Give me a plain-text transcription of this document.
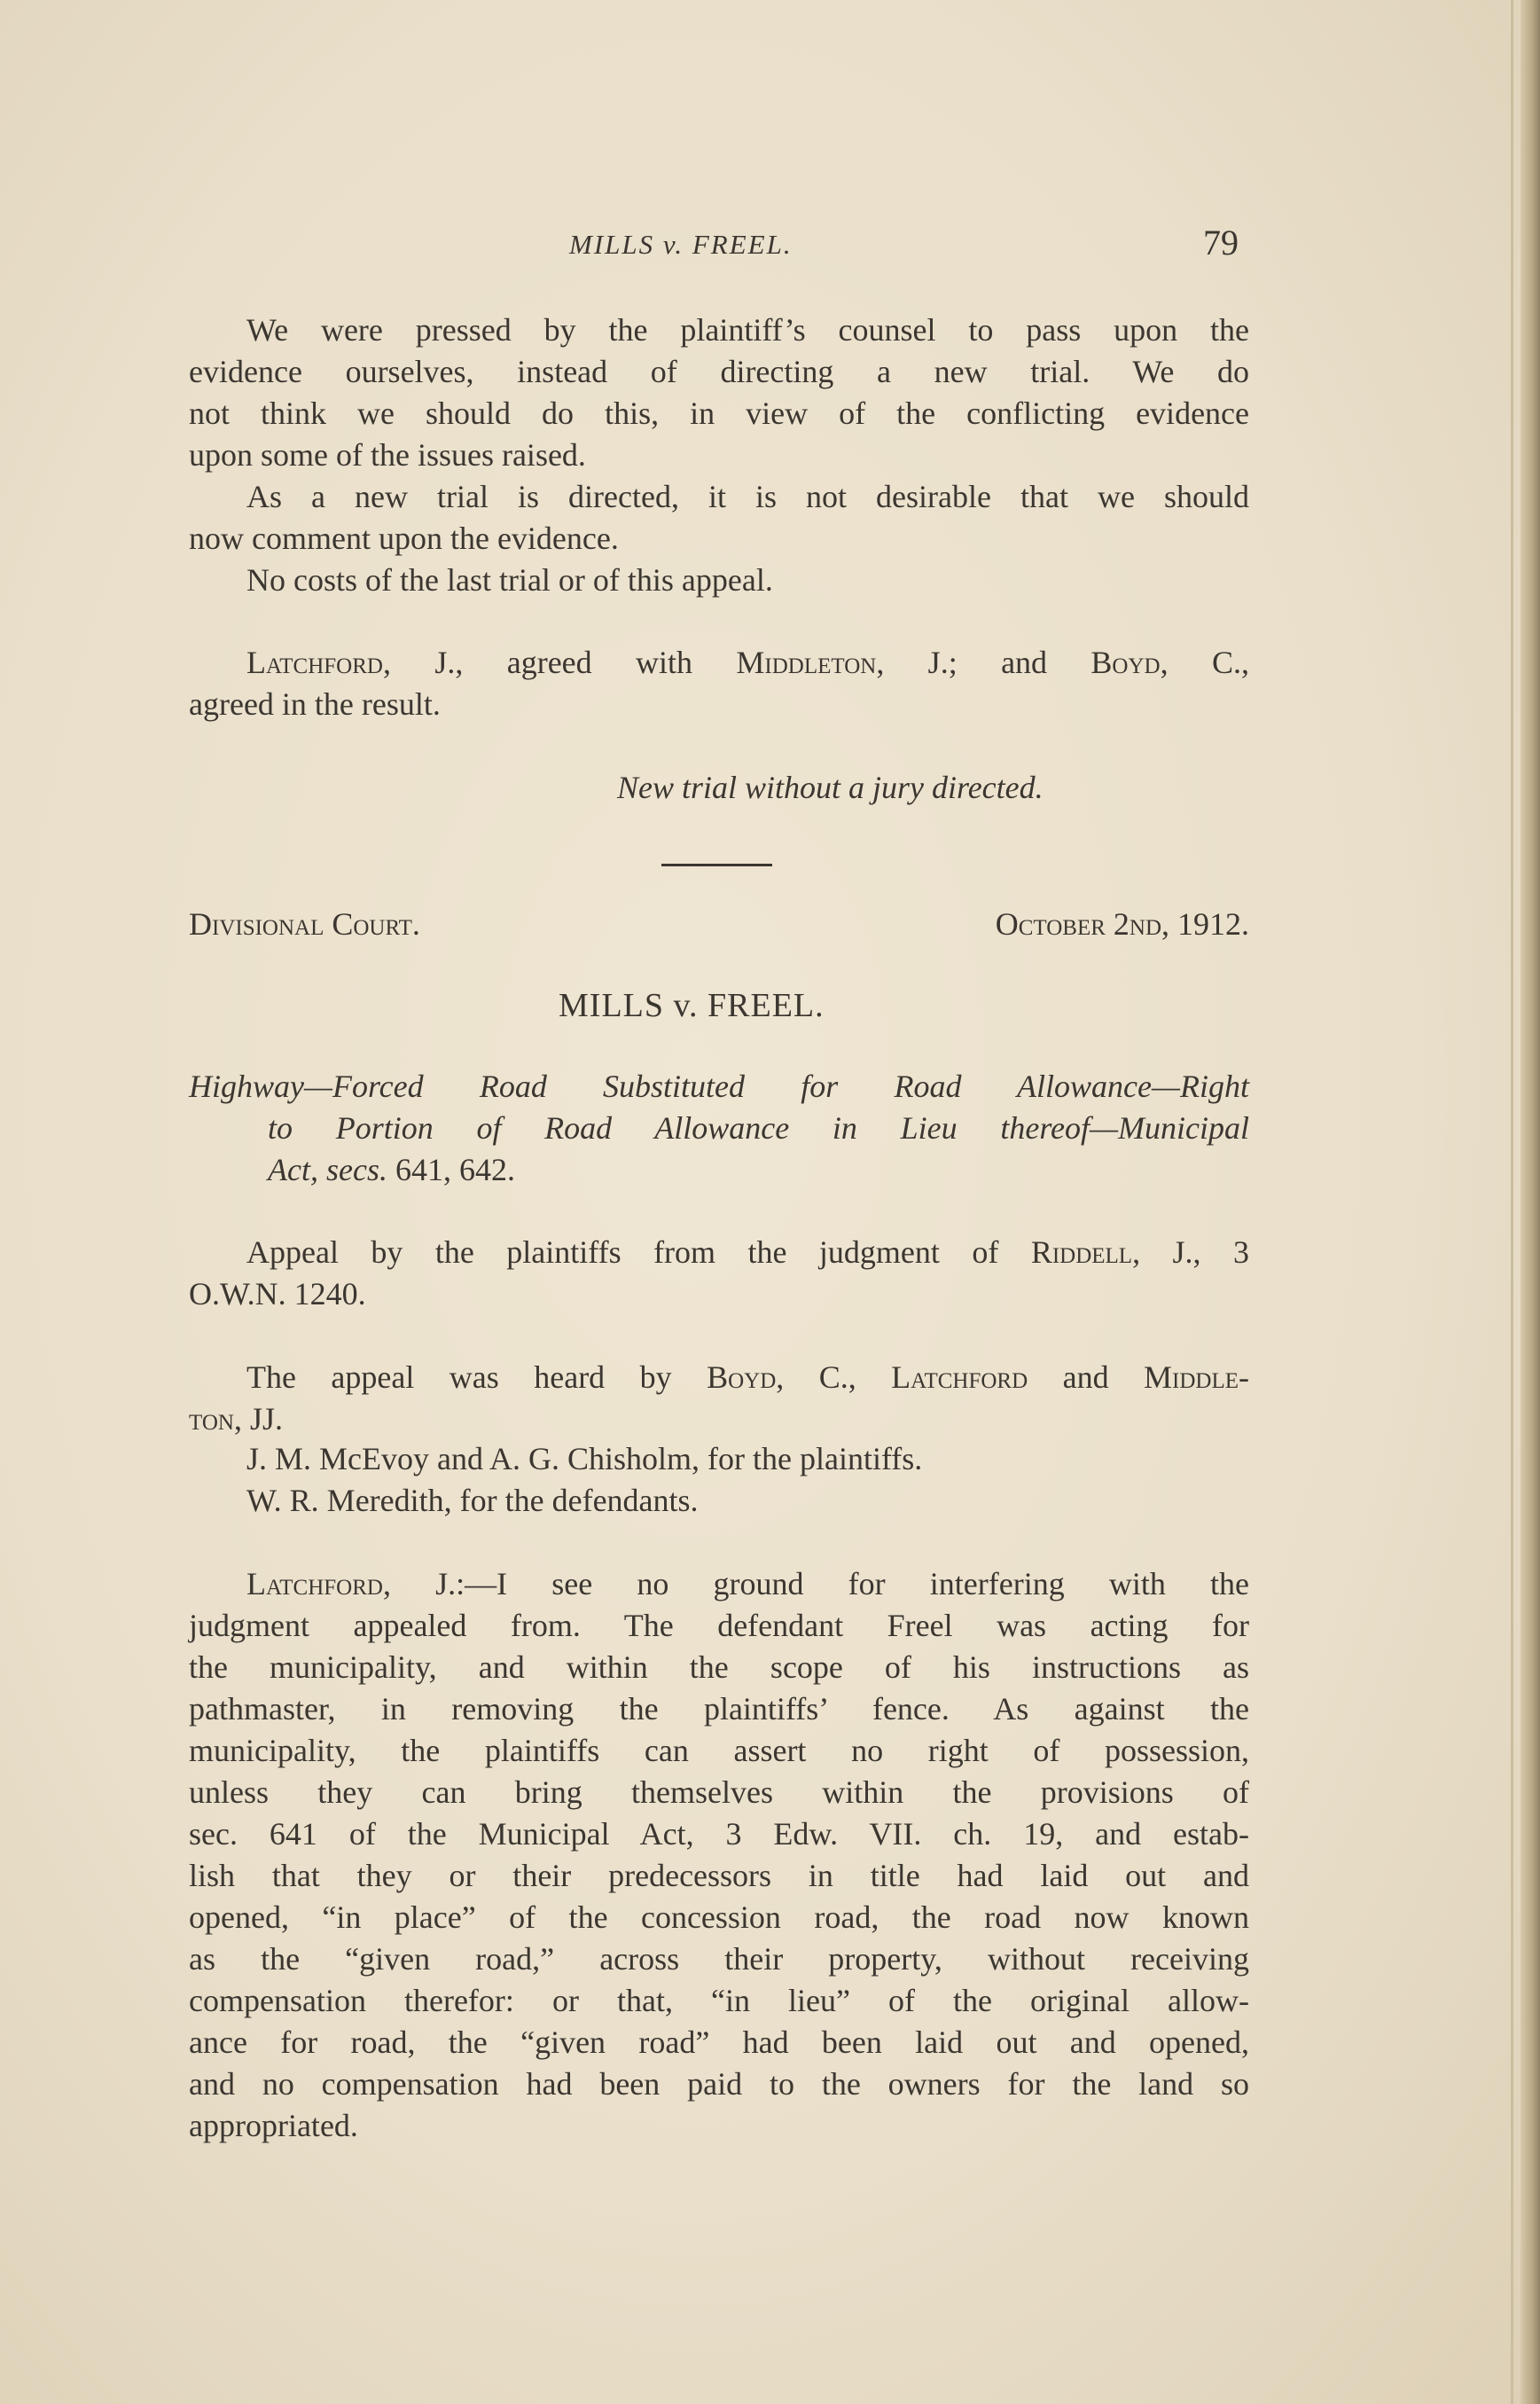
MILLS v. FREEL.	79
We were pressed by the plaintiff’s counsel to pass upon the
evidence ourselves, instead of directing a new trial. We do
not think we should do this, in view of the conflicting evidence
upon some of the issues raised.
As a new trial is directed, it is not desirable that we should
now comment upon the evidence.
No costs of the last trial or of this appeal.
Latchford, J., agreed with Middleton, J.; and Boyd, C.,
agreed in the result.
New trial without a jury directed.
Divisional Court.	October 2nd, 1912.
MILLS v. FREEL.
Highway—Forced Road Substituted for Road Allowance—Right
to Portion of Road Allowance in Lieu thereof—Municipal
Act, secs. 641, 642.
Appeal by the plaintiffs from the judgment of Riddell, J., 3
O.W.N. 1240.
The appeal was heard by Boyd, C., Latchford and Middle-
ton, JJ.
J. M. McEvoy and A. G. Chisholm, for the plaintiffs.
W. R. Meredith, for the defendants.
Latchford, J.:—I see no ground for interfering with the
judgment appealed from. The defendant Freel was acting for
the municipality, and within the scope of his instructions as
pathmaster, in removing the plaintiffs’ fence. As against the
municipality, the plaintiffs can assert no right of possession,
unless they can bring themselves within the provisions of
sec. 641 of the Municipal Act, 3 Edw. VII. ch. 19, and estab-
lish that they or their predecessors in title had laid out and
opened, “in place” of the concession road, the road now known
as the “given road,” across their property, without receiving
compensation therefor: or that, “in lieu” of the original allow-
ance for road, the “given road” had been laid out and opened,
and no compensation had been paid to the owners for the land so
appropriated.
